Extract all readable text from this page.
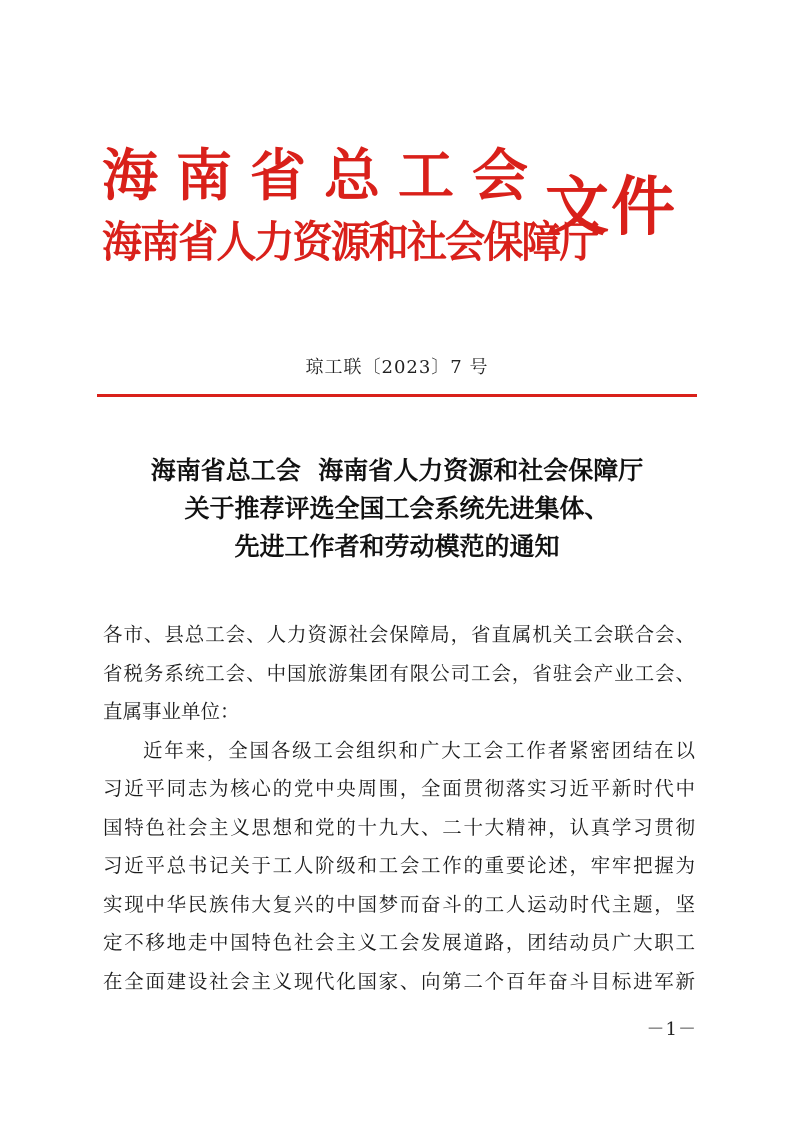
海南省总工会
海南省人力资源和社会保障厅
文件
琼工联〔2023〕7 号
海南省总工会  海南省人力资源和社会保障厅
关于推荐评选全国工会系统先进集体、
先进工作者和劳动模范的通知
各市、县总工会、人力资源社会保障局，省直属机关工会联合会、
省税务系统工会、中国旅游集团有限公司工会，省驻会产业工会、
直属事业单位：
近年来，全国各级工会组织和广大工会工作者紧密团结在以
习近平同志为核心的党中央周围，全面贯彻落实习近平新时代中
国特色社会主义思想和党的十九大、二十大精神，认真学习贯彻
习近平总书记关于工人阶级和工会工作的重要论述，牢牢把握为
实现中华民族伟大复兴的中国梦而奋斗的工人运动时代主题，坚
定不移地走中国特色社会主义工会发展道路，团结动员广大职工
在全面建设社会主义现代化国家、向第二个百年奋斗目标进军新
－1－
